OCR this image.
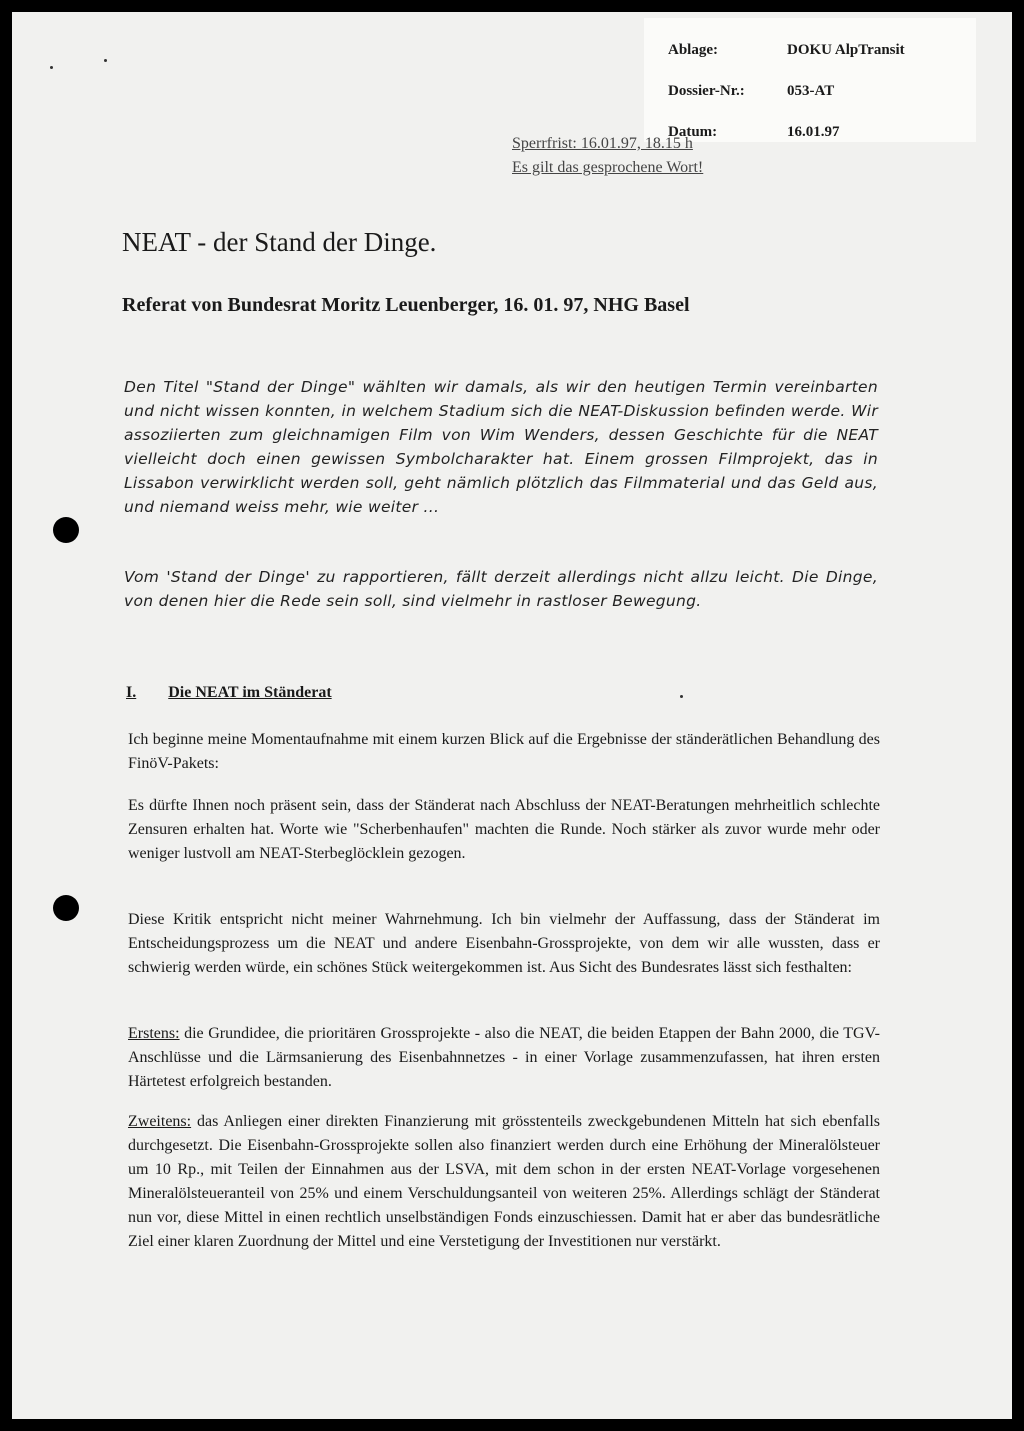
Ablage:	DOKU AlpTransit
Dossier-Nr.:	053-AT
Datum:	16.01.97
Sperrfrist: 16.01.97, 18.15 h
Es gilt das gesprochene Wort!
NEAT - der Stand der Dinge.
Referat von Bundesrat Moritz Leuenberger, 16. 01. 97, NHG Basel
Den Titel "Stand der Dinge" wählten wir damals, als wir den heutigen Termin vereinbarten und nicht wissen konnten, in welchem Stadium sich die NEAT-Diskussion befinden werde. Wir assoziierten zum gleichnamigen Film von Wim Wenders, dessen Geschichte für die NEAT vielleicht doch einen gewissen Symbolcharakter hat. Einem grossen Filmprojekt, das in Lissabon verwirklicht werden soll, geht nämlich plötzlich das Filmmaterial und das Geld aus, und niemand weiss mehr, wie weiter ...
Vom 'Stand der Dinge' zu rapportieren, fällt derzeit allerdings nicht allzu leicht. Die Dinge, von denen hier die Rede sein soll, sind vielmehr in rastloser Bewegung.
I. Die NEAT im Ständerat
Ich beginne meine Momentaufnahme mit einem kurzen Blick auf die Ergebnisse der ständerätlichen Behandlung des FinöV-Pakets:
Es dürfte Ihnen noch präsent sein, dass der Ständerat nach Abschluss der NEAT-Beratungen mehrheitlich schlechte Zensuren erhalten hat. Worte wie "Scherbenhaufen" machten die Runde. Noch stärker als zuvor wurde mehr oder weniger lustvoll am NEAT-Sterbeglöcklein gezogen.
Diese Kritik entspricht nicht meiner Wahrnehmung. Ich bin vielmehr der Auffassung, dass der Ständerat im Entscheidungsprozess um die NEAT und andere Eisenbahn-Grossprojekte, von dem wir alle wussten, dass er schwierig werden würde, ein schönes Stück weitergekommen ist. Aus Sicht des Bundesrates lässt sich festhalten:
Erstens: die Grundidee, die prioritären Grossprojekte - also die NEAT, die beiden Etappen der Bahn 2000, die TGV-Anschlüsse und die Lärmsanierung des Eisenbahnnetzes - in einer Vorlage zusammenzufassen, hat ihren ersten Härtetest erfolgreich bestanden.
Zweitens: das Anliegen einer direkten Finanzierung mit grösstenteils zweckgebundenen Mitteln hat sich ebenfalls durchgesetzt. Die Eisenbahn-Grossprojekte sollen also finanziert werden durch eine Erhöhung der Mineralölsteuer um 10 Rp., mit Teilen der Einnahmen aus der LSVA, mit dem schon in der ersten NEAT-Vorlage vorgesehenen Mineralölsteueranteil von 25% und einem Verschuldungsanteil von weiteren 25%. Allerdings schlägt der Ständerat nun vor, diese Mittel in einen rechtlich unselbständigen Fonds einzuschiessen. Damit hat er aber das bundesrätliche Ziel einer klaren Zuordnung der Mittel und eine Verstetigung der Investitionen nur verstärkt.
